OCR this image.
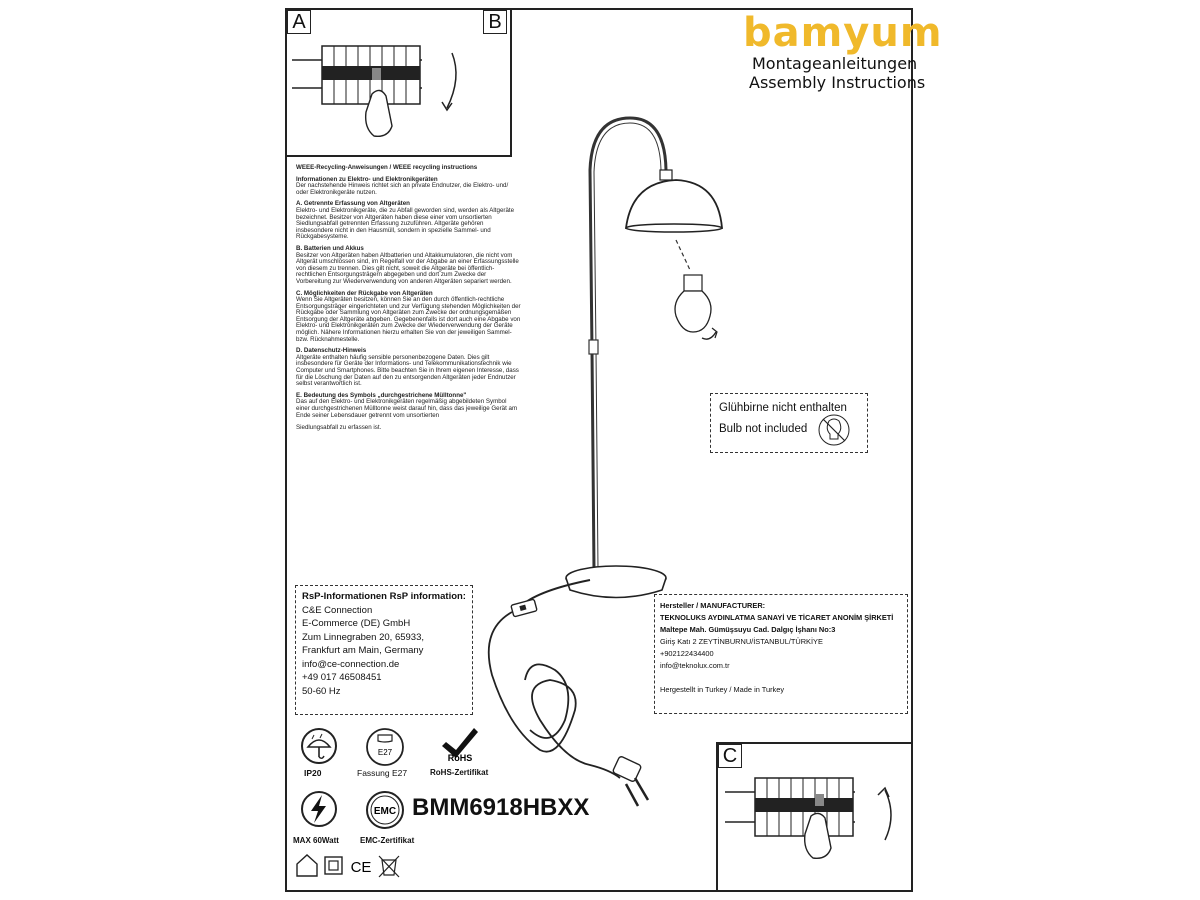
A	B	bamyum
Montageanleitungen
Assembly Instructions

WEEE-Recycling-Anweisungen / WEEE recycling instructions

Informationen zu Elektro- und Elektronikgeräten

Der nachstehende Hinweis richtet sich an private Endnutzer, die Elektro- und/ oder Elektronikgeräte nutzen.

A. Getrennte Erfassung von Altgeräten

Elektro- und Elektronikgeräte, die zu Abfall geworden sind, werden als Altgeräte bezeichnet. Besitzer von Altgeräten haben diese einer vom unsortierten Siedlungsabfall getrennten Erfassung zuzuführen. Altgeräte gehören insbesondere nicht in den Hausmüll, sondern in spezielle Sammel- und Rückgabesysteme.

B. Batterien und Akkus

Besitzer von Altgeräten haben Altbatterien und Altakkumulatoren, die nicht vom Altgerät umschlossen sind, im Regelfall vor der Abgabe an einer Erfassungsstelle von diesem zu trennen. Dies gilt nicht, soweit die Altgeräte bei öffentlich-rechtlichen Entsorgungsträgern abgegeben und dort zum Zwecke der Vorbereitung zur Wiederverwendung von anderen Altgeräten separiert werden.

C. Möglichkeiten der Rückgabe von Altgeräten

Wenn Sie Altgeräten besitzen, können Sie an den durch öffentlich-rechtliche Entsorgungsträger eingerichteten und zur Verfügung stehenden Möglichkeiten der Rückgabe oder Sammlung von Altgeräten zum Zwecke der ordnungsgemäßen Entsorgung der Altgeräte abgeben. Gegebenenfalls ist dort auch eine Abgabe von Elektro- und Elektronikgeräten zum Zwecke der Wiederverwendung der Geräte möglich. Nähere Informationen hierzu erhalten Sie von der jeweiligen Sammel- bzw. Rücknahmestelle.

D. Datenschutz-Hinweis

Altgeräte enthalten häufig sensible personenbezogene Daten. Dies gilt insbesondere für Geräte der Informations- und Telekommunikationstechnik wie Computer und Smartphones. Bitte beachten Sie in Ihrem eigenen Interesse, dass für die Löschung der Daten auf den zu entsorgenden Altgeräten jeder Endnutzer selbst verantwortlich ist.

E. Bedeutung des Symbols „durchgestrichene Mülltonne"

Das auf den Elektro- und Elektronikgeräten regelmäßig abgebildeten Symbol einer durchgestrichenen Mülltonne weist darauf hin, dass das jeweilige Gerät am Ende seiner Lebensdauer getrennt vom unsortierten

Siedlungsabfall zu erfassen ist.

Glühbirne nicht enthalten
Bulb not included
RsP-Informationen RsP information:
C&E Connection
E-Commerce (DE) GmbH
Zum Linnegraben 20, 65933,
Frankfurt am Main, Germany
info@ce-connection.de
+49 017 46508451
50-60 Hz
Hersteller / MANUFACTURER:
TEKNOLUKS AYDINLATMA SANAYİ VE TİCARET ANONİM ŞİRKETİ
Maltepe Mah. Gümüşsuyu Cad. Dalgıç İşhanı No:3
Giriş Katı 2 ZEYTİNBURNU/İSTANBUL/TÜRKİYE
+902122434400
info@teknolux.com.tr

Hergestellt in Turkey / Made in Turkey
IP20
E27
Fassung E27
RoHS
RoHS-Zertifikat
MAX 60Watt
EMC
EMC-Zertifikat
BMM6918HBXX
CE
C
